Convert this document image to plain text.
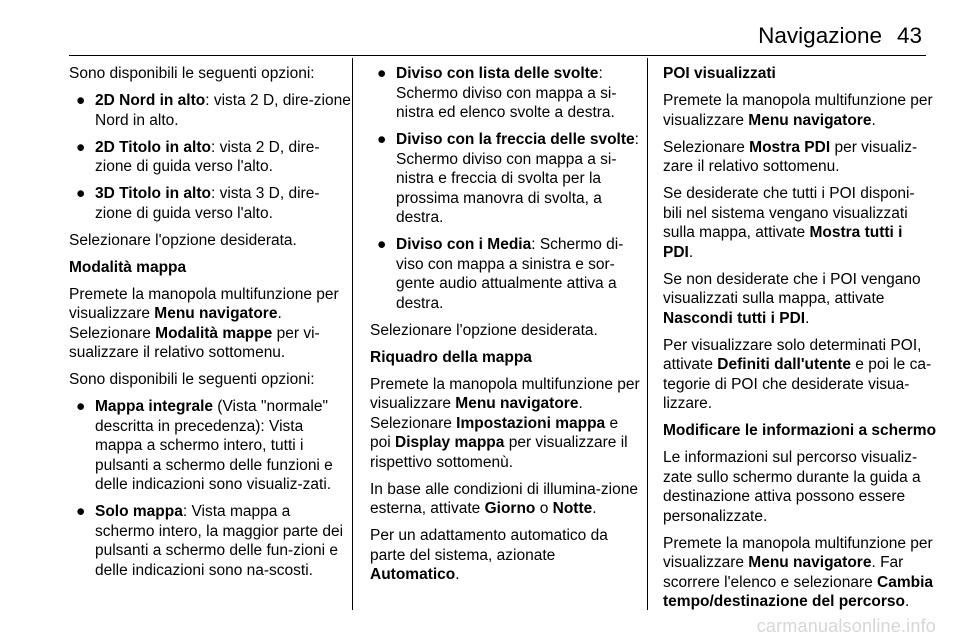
Navigazione 43

Sono disponibili le seguenti opzioni:

● 2D Nord in alto: vista 2 D, dire-zione Nord in alto.
● 2D Titolo in alto: vista 2 D, dire-zione di guida verso l'alto.
● 3D Titolo in alto: vista 3 D, dire-zione di guida verso l'alto.

Selezionare l'opzione desiderata.

Modalità mappa

Premete la manopola multifunzione per visualizzare Menu navigatore.
Selezionare Modalità mappe per vi-sualizzare il relativo sottomenu.

Sono disponibili le seguenti opzioni:

● Mappa integrale (Vista "normale" descritta in precedenza): Vista mappa a schermo intero, tutti i pulsanti a schermo delle funzioni e delle indicazioni sono visualiz-zati.
● Solo mappa: Vista mappa a schermo intero, la maggior parte dei pulsanti a schermo delle fun-zioni e delle indicazioni sono na-scosti.
● Diviso con lista delle svolte: Schermo diviso con mappa a si-nistra ed elenco svolte a destra.
● Diviso con la freccia delle svolte: Schermo diviso con mappa a si-nistra e freccia di svolta per la prossima manovra di svolta, a destra.
● Diviso con i Media: Schermo di-viso con mappa a sinistra e sor-gente audio attualmente attiva a destra.

Selezionare l'opzione desiderata.

Riquadro della mappa

Premete la manopola multifunzione per visualizzare Menu navigatore.
Selezionare Impostazioni mappa e poi Display mappa per visualizzare il rispettivo sottomenù.

In base alle condizioni di illumina-zione esterna, attivate Giorno o Notte.

Per un adattamento automatico da parte del sistema, azionate Automatico.

POI visualizzati

Premete la manopola multifunzione per visualizzare Menu navigatore.

Selezionare Mostra PDI per visualiz-zare il relativo sottomenu.

Se desiderate che tutti i POI disponi-bili nel sistema vengano visualizzati sulla mappa, attivate Mostra tutti i PDI.

Se non desiderate che i POI vengano visualizzati sulla mappa, attivate Nascondi tutti i PDI.

Per visualizzare solo determinati POI, attivate Definiti dall'utente e poi le ca-tegorie di POI che desiderate visua-lizzare.

Modificare le informazioni a schermo

Le informazioni sul percorso visualiz-zate sullo schermo durante la guida a destinazione attiva possono essere personalizzate.

Premete la manopola multifunzione per visualizzare Menu navigatore. Far scorrere l'elenco e selezionare Cambia tempo/destinazione del percorso.

carmanualsonline.info
